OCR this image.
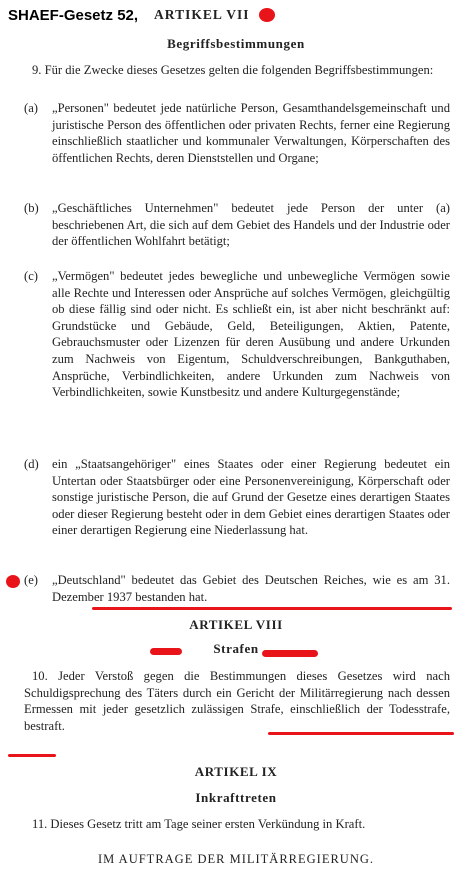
SHAEF-Gesetz 52, ARTIKEL VII
Begriffsbestimmungen

9. Für die Zwecke dieses Gesetzes gelten die folgenden Begriffsbestimmungen:

(a) „Personen" bedeutet jede natürliche Person, Gesamthandelsgemeinschaft und juristische Person des öffentlichen oder privaten Rechts, ferner eine Regierung einschließlich staatlicher und kommunaler Verwaltungen, Körperschaften des öffentlichen Rechts, deren Dienststellen und Organe;

(b) „Geschäftliches Unternehmen" bedeutet jede Person der unter (a) beschriebenen Art, die sich auf dem Gebiet des Handels und der Industrie oder der öffentlichen Wohlfahrt betätigt;

(c) „Vermögen" bedeutet jedes bewegliche und unbewegliche Vermögen sowie alle Rechte und Interessen oder Ansprüche auf solches Vermögen, gleichgültig ob diese fällig sind oder nicht. Es schließt ein, ist aber nicht beschränkt auf: Grundstücke und Gebäude, Geld, Beteiligungen, Aktien, Patente, Gebrauchsmuster oder Lizenzen für deren Ausübung und andere Urkunden zum Nachweis von Eigentum, Schuldverschreibungen, Bankguthaben, Ansprüche, Verbindlichkeiten, andere Urkunden zum Nachweis von Verbindlichkeiten, sowie Kunstbesitz und andere Kulturgegenstände;

(d) ein „Staatsangehöriger" eines Staates oder einer Regierung bedeutet ein Untertan oder Staatsbürger oder eine Personenvereinigung, Körperschaft oder sonstige juristische Person, die auf Grund der Gesetze eines derartigen Staates oder dieser Regierung besteht oder in dem Gebiet eines derartigen Staates oder einer derartigen Regierung eine Niederlassung hat.

(e) „Deutschland" bedeutet das Gebiet des Deutschen Reiches, wie es am 31. Dezember 1937 bestanden hat.

ARTIKEL VIII
Strafen

10. Jeder Verstoß gegen die Bestimmungen dieses Gesetzes wird nach Schuldigsprechung des Täters durch ein Gericht der Militärregierung nach dessen Ermessen mit jeder gesetzlich zulässigen Strafe, einschließlich der Todesstrafe, bestraft.

ARTIKEL IX
Inkrafttreten

11. Dieses Gesetz tritt am Tage seiner ersten Verkündung in Kraft.

IM AUFTRAGE DER MILITÄRREGIERUNG.
